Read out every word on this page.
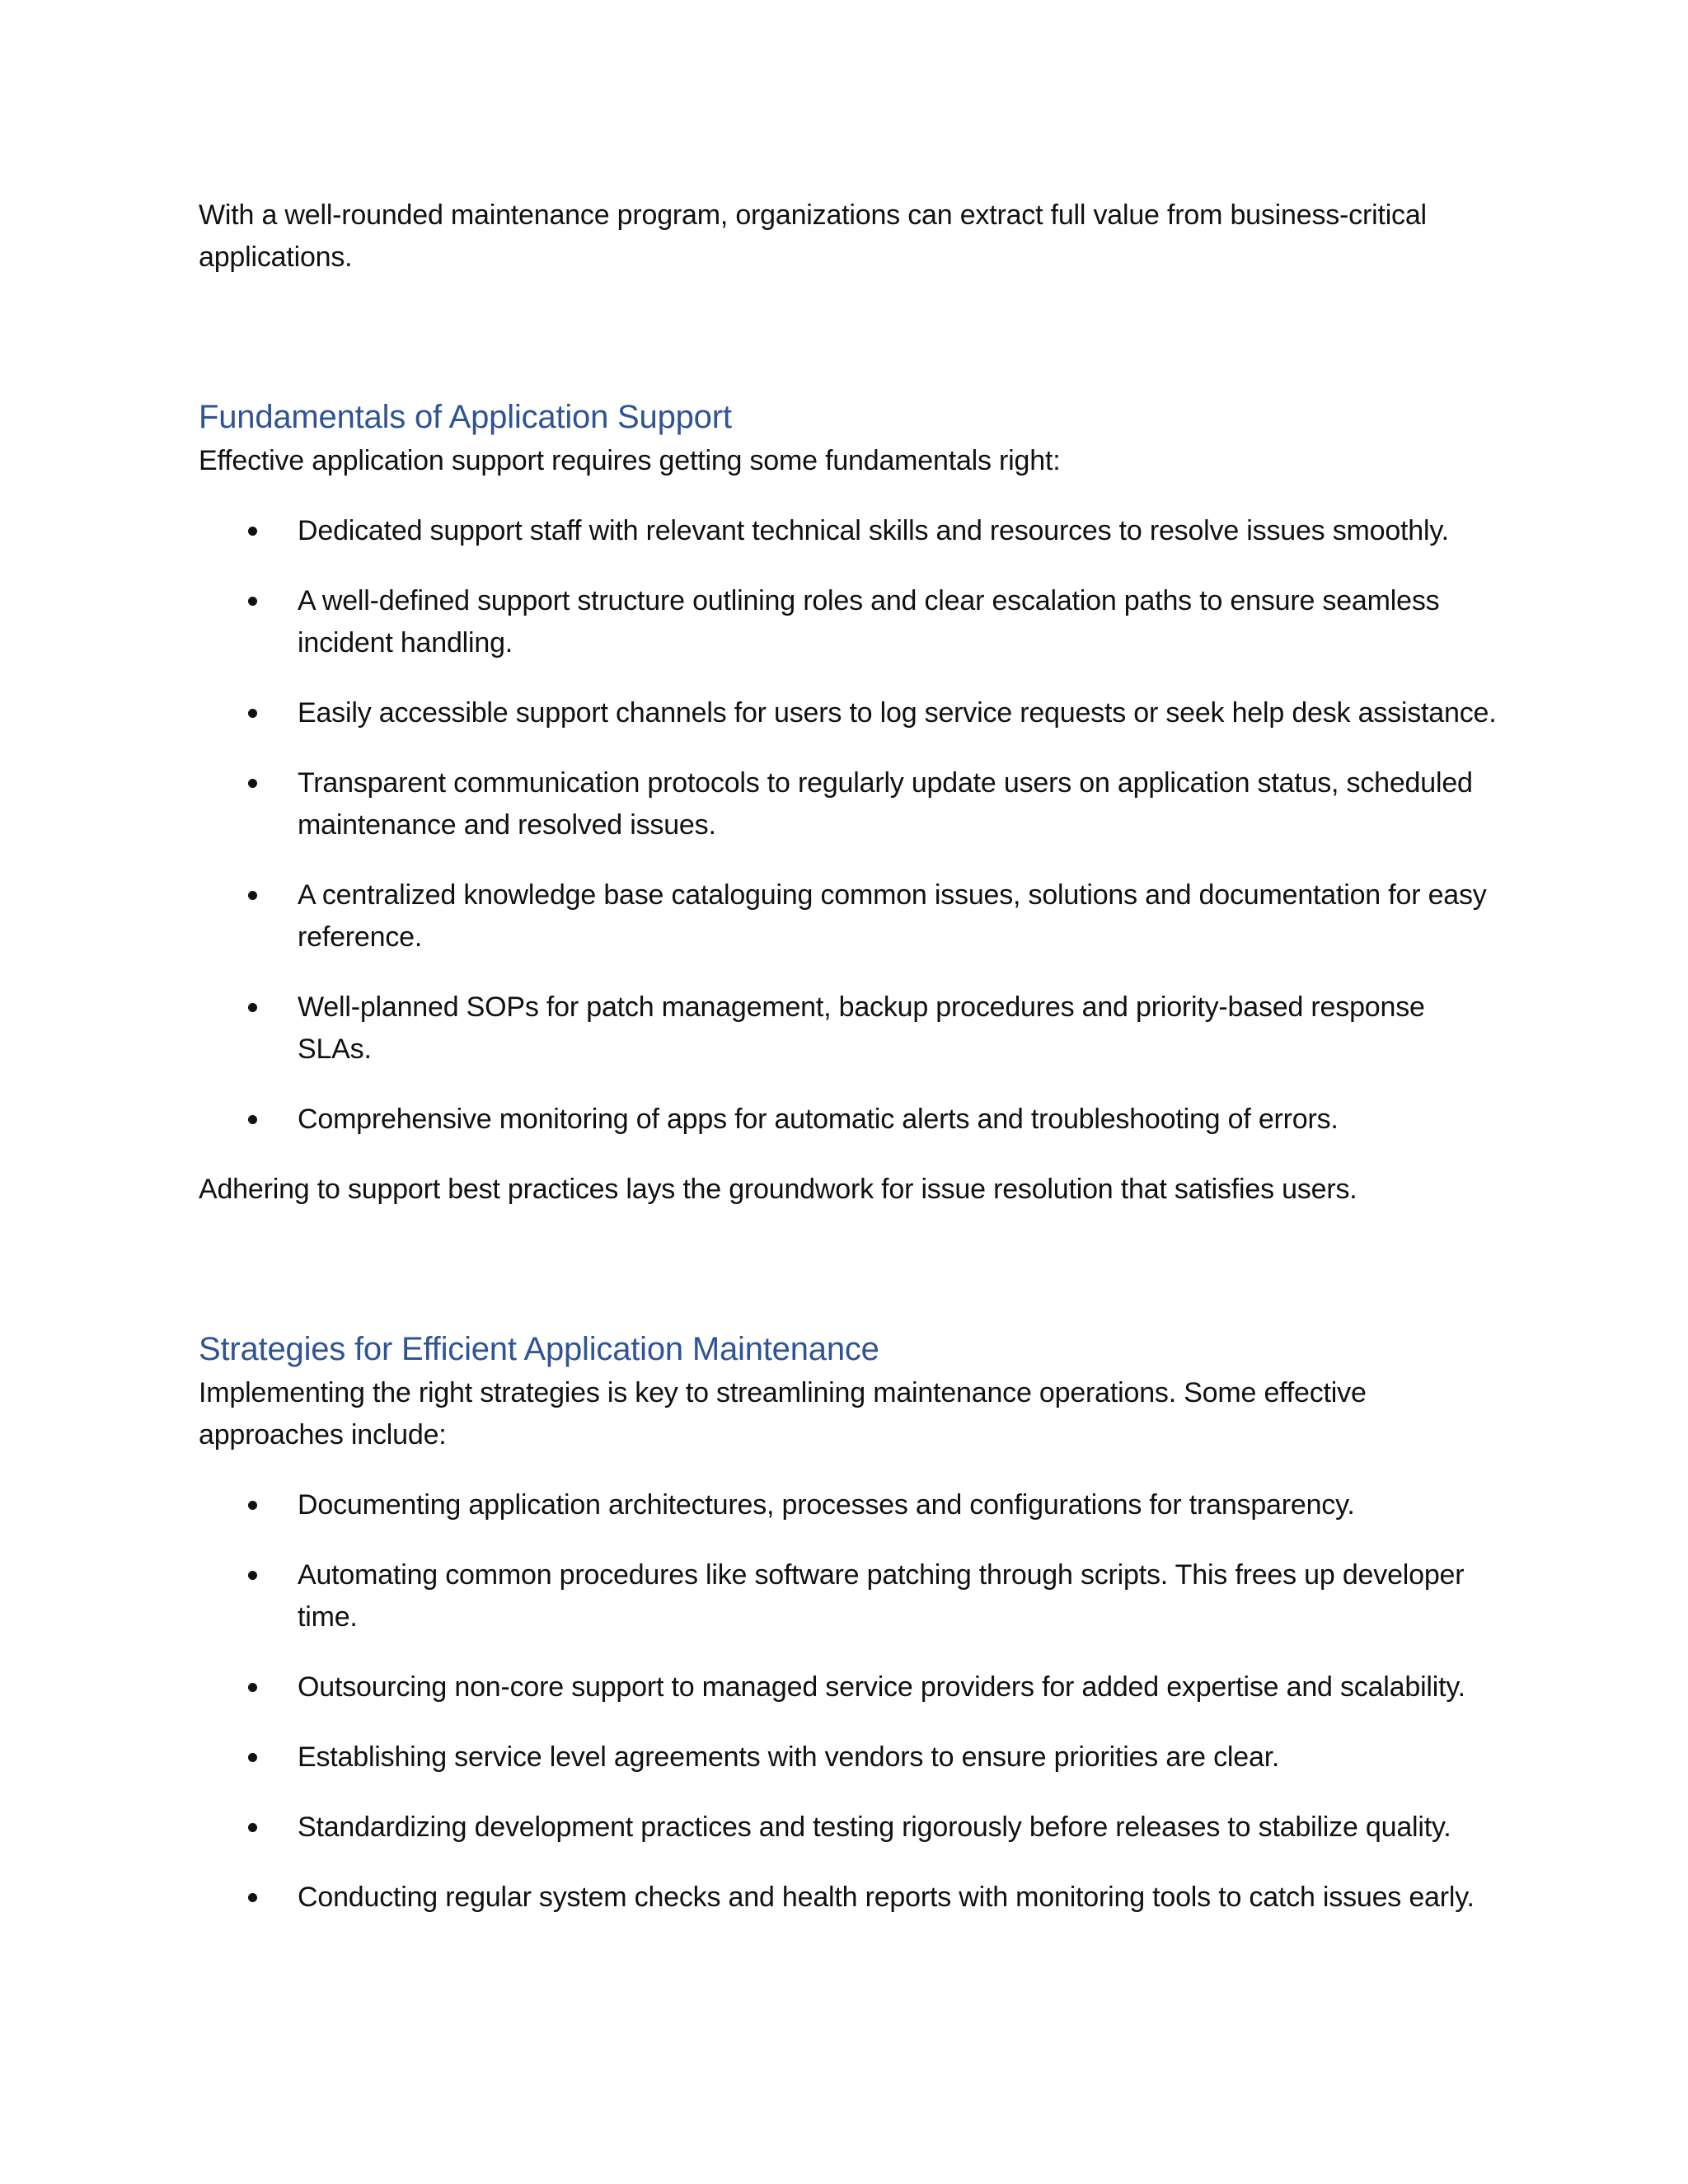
With a well-rounded maintenance program, organizations can extract full value from business-critical applications.

Fundamentals of Application Support

Effective application support requires getting some fundamentals right:

Dedicated support staff with relevant technical skills and resources to resolve issues smoothly.
A well-defined support structure outlining roles and clear escalation paths to ensure seamless incident handling.
Easily accessible support channels for users to log service requests or seek help desk assistance.
Transparent communication protocols to regularly update users on application status, scheduled maintenance and resolved issues.
A centralized knowledge base cataloguing common issues, solutions and documentation for easy reference.
Well-planned SOPs for patch management, backup procedures and priority-based response SLAs.
Comprehensive monitoring of apps for automatic alerts and troubleshooting of errors.

Adhering to support best practices lays the groundwork for issue resolution that satisfies users.

Strategies for Efficient Application Maintenance

Implementing the right strategies is key to streamlining maintenance operations. Some effective approaches include:

Documenting application architectures, processes and configurations for transparency.
Automating common procedures like software patching through scripts. This frees up developer time.
Outsourcing non-core support to managed service providers for added expertise and scalability.
Establishing service level agreements with vendors to ensure priorities are clear.
Standardizing development practices and testing rigorously before releases to stabilize quality.
Conducting regular system checks and health reports with monitoring tools to catch issues early.
